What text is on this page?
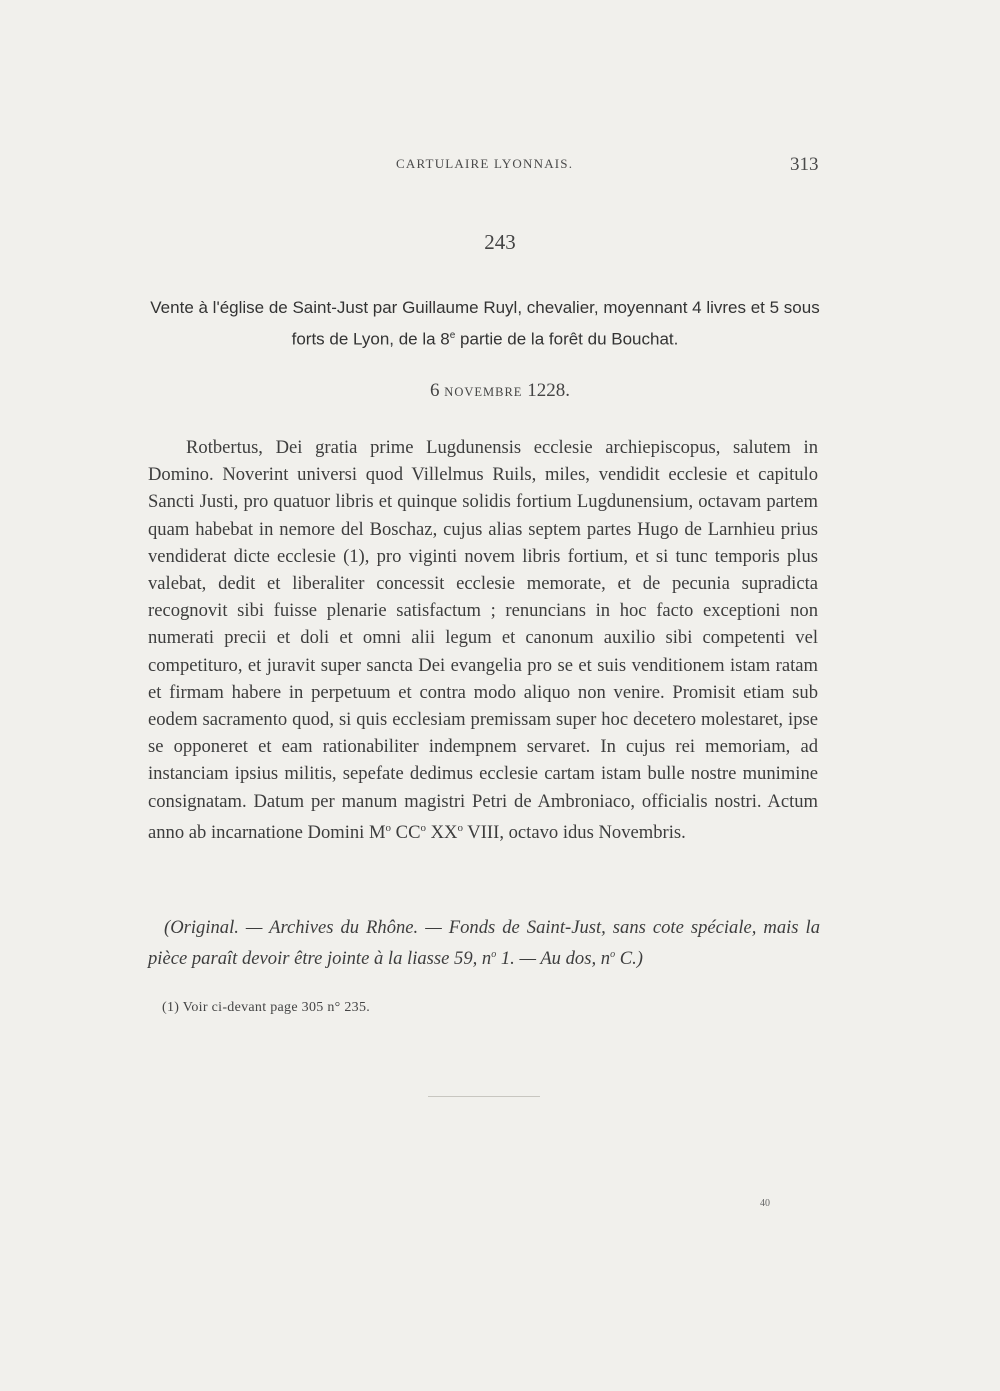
CARTULAIRE LYONNAIS.	313
243
Vente à l'église de Saint-Just par Guillaume Ruyl, chevalier, moyennant 4 livres et 5 sous forts de Lyon, de la 8e partie de la forêt du Bouchat.
6 NOVEMBRE 1228.

Rotbertus, Dei gratia prime Lugdunensis ecclesie archiepiscopus, salutem in Domino. Noverint universi quod Villelmus Ruils, miles, vendidit ecclesie et capitulo Sancti Justi, pro quatuor libris et quinque solidis fortium Lugdunensium, octavam partem quam habebat in nemore del Boschaz, cujus alias septem partes Hugo de Larnhieu prius vendiderat dicte ecclesie (1), pro viginti novem libris fortium, et si tunc temporis plus valebat, dedit et liberaliter concessit ecclesie memorate, et de pecunia supradicta recognovit sibi fuisse plenarie satisfactum ; renuncians in hoc facto exceptioni non numerati precii et doli et omni alii legum et canonum auxilio sibi competenti vel competituro, et juravit super sancta Dei evangelia pro se et suis venditionem istam ratam et firmam habere in perpetuum et contra modo aliquo non venire. Promisit etiam sub eodem sacramento quod, si quis ecclesiam premissam super hoc decetero molestaret, ipse se opponeret et eam rationabiliter indempnem servaret. In cujus rei memoriam, ad instanciam ipsius militis, sepefate dedimus ecclesie cartam istam bulle nostre munimine consignatam. Datum per manum magistri Petri de Ambroniaco, officialis nostri. Actum anno ab incarnatione Domini $M^o$ $CC^o$ $XX^o$ VIII, octavo idus Novembris.

(Original. — Archives du Rhône. — Fonds de Saint-Just, sans cote spéciale, mais la pièce paraît devoir être jointe à la liasse 59, $n^o$ 1. — Au dos, $n^o$ C.)

(1) Voir ci-devant page 305 n° 235.
40
